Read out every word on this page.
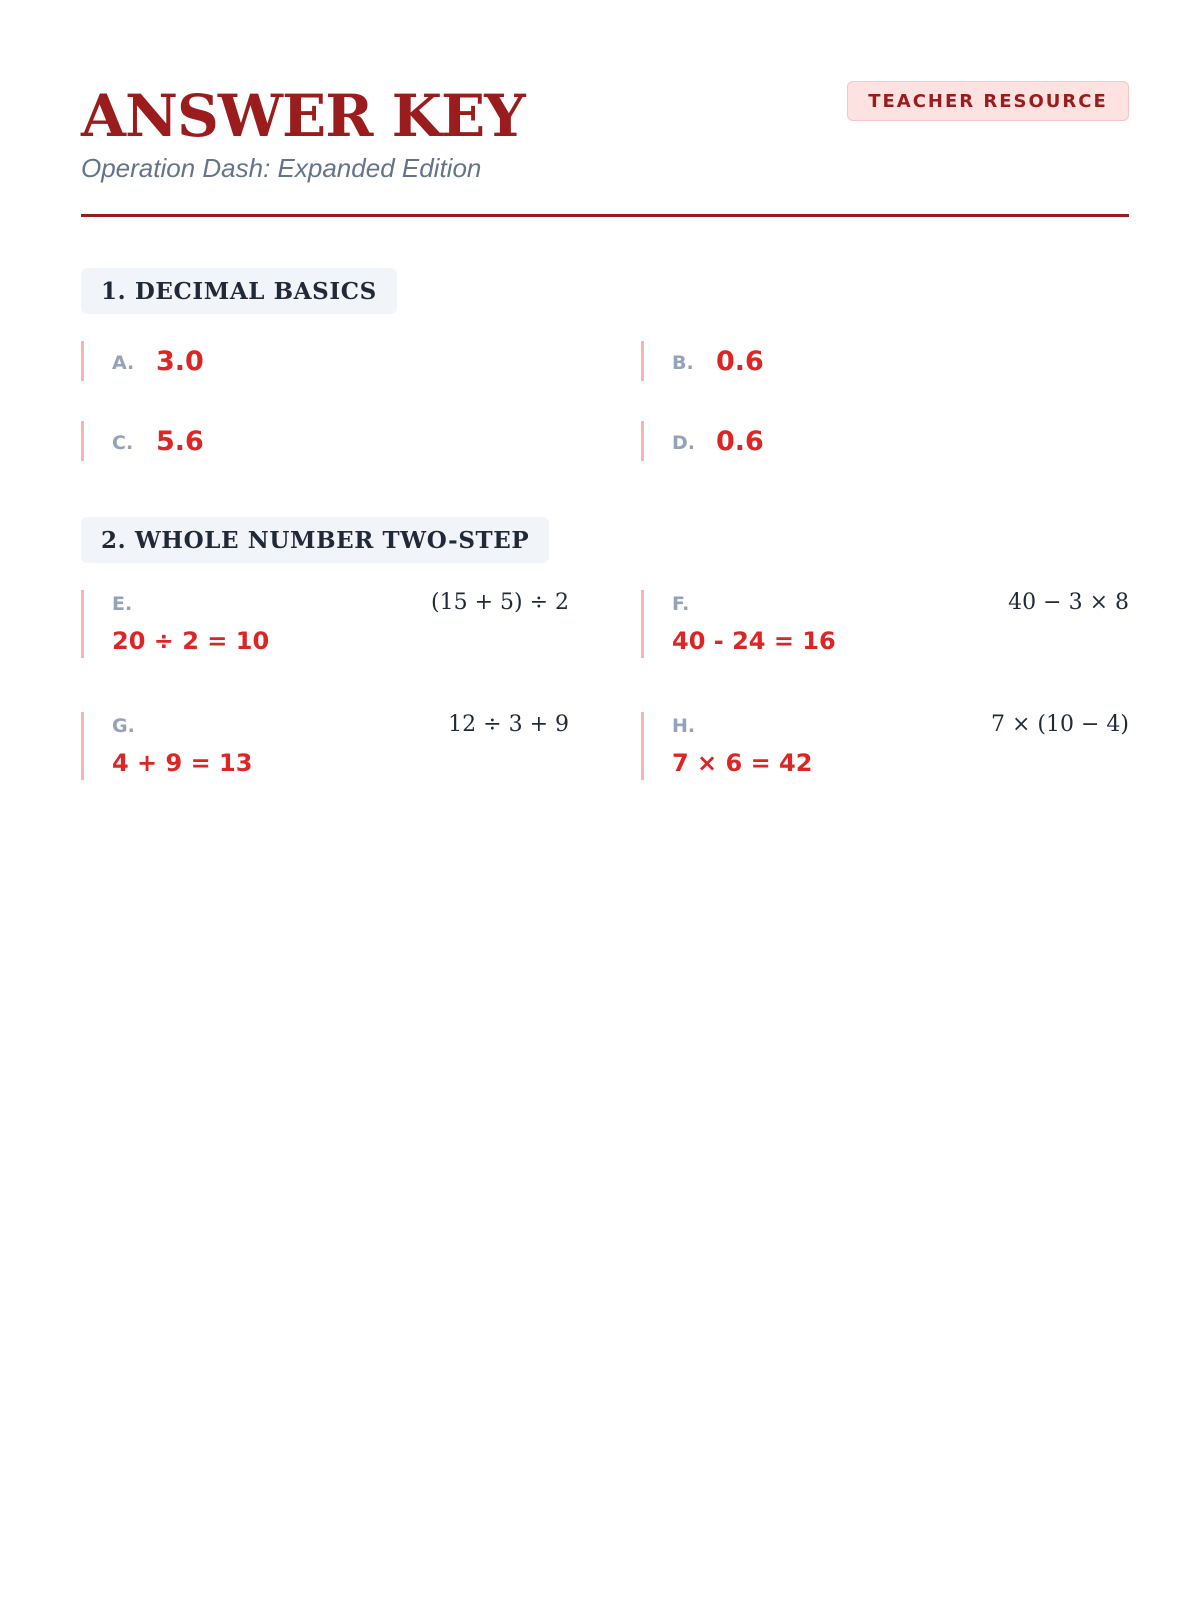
ANSWER KEY
Operation Dash: Expanded Edition
TEACHER RESOURCE
1. DECIMAL BASICS
A. 3.0	B. 0.6
C. 5.6	D. 0.6
2. WHOLE NUMBER TWO-STEP
E.	(15 + 5) ÷ 2
20 ÷ 2 = 10
F.	40 − 3 × 8
40 - 24 = 16
G.	12 ÷ 3 + 9
4 + 9 = 13
H.	7 × (10 − 4)
7 × 6 = 42
